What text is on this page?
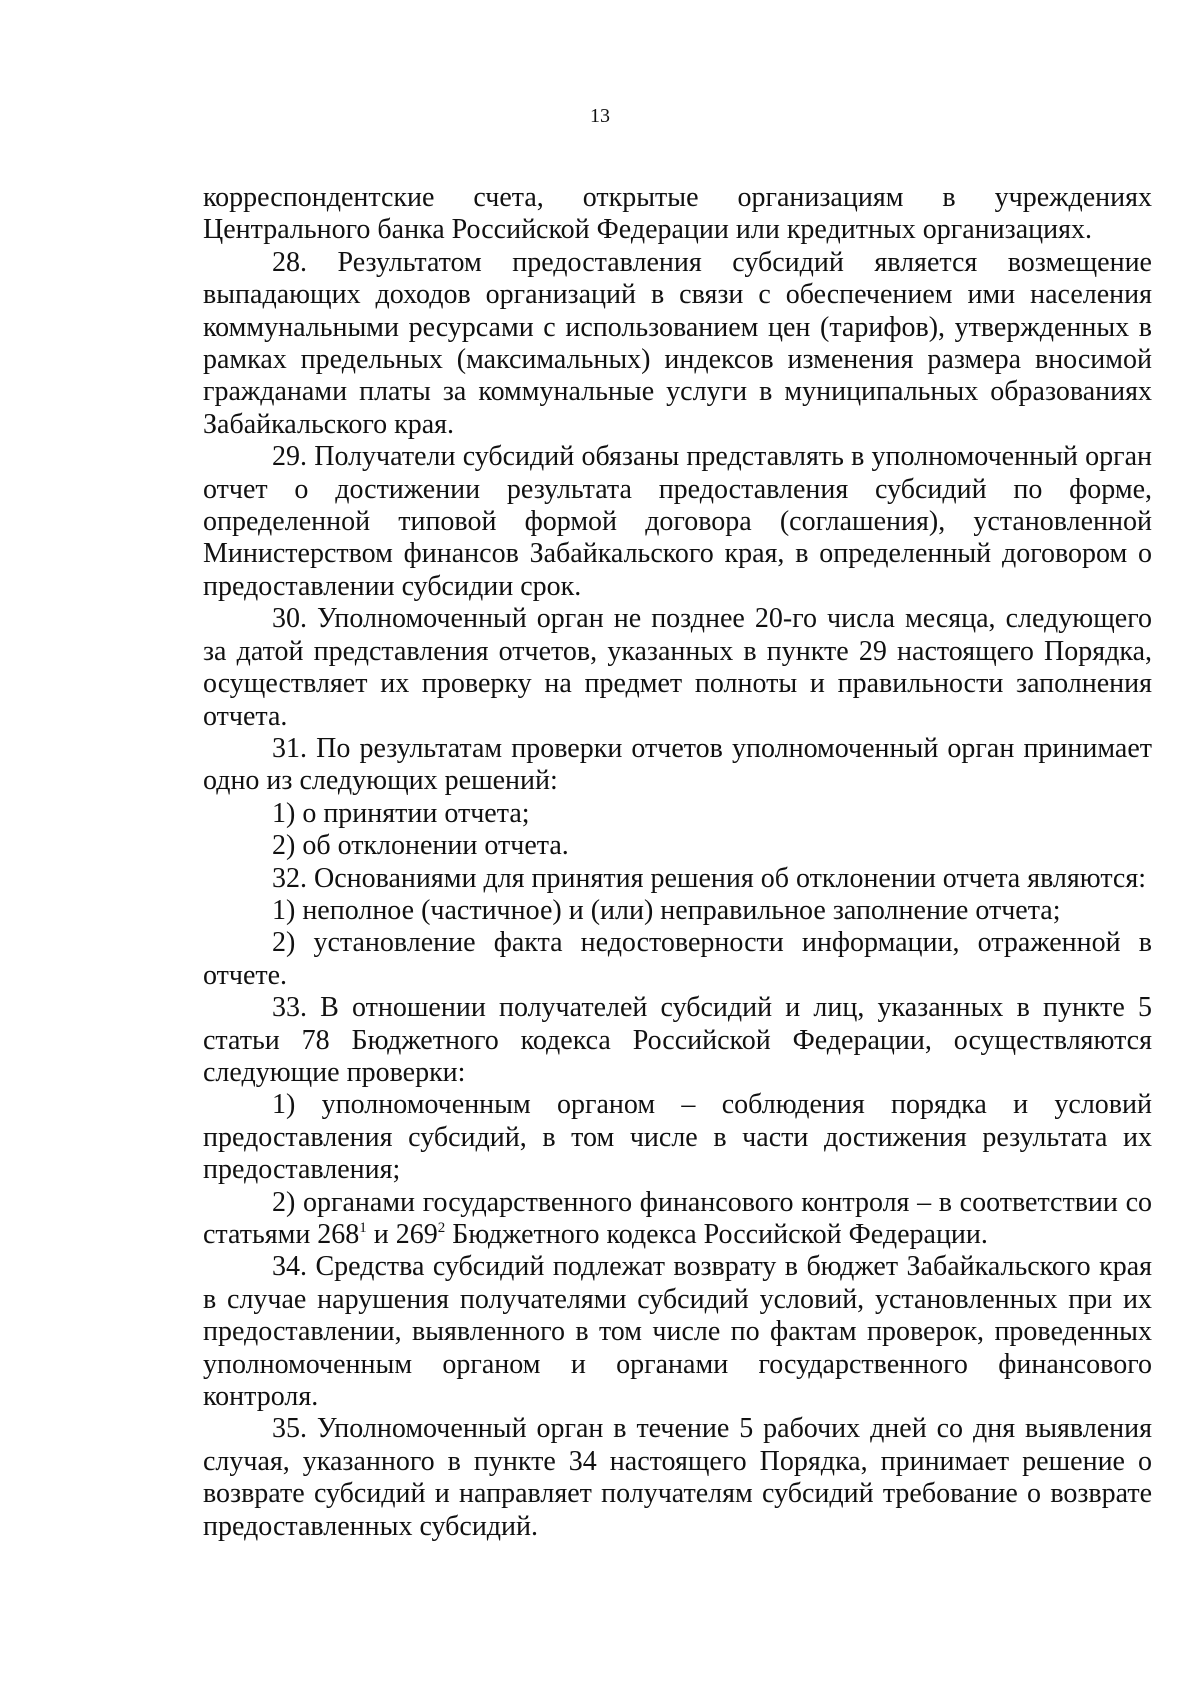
13

корреспондентские счета, открытые организациям в учреждениях Центрального банка Российской Федерации или кредитных организациях.

28. Результатом предоставления субсидий является возмещение выпадающих доходов организаций в связи с обеспечением ими населения коммунальными ресурсами с использованием цен (тарифов), утвержденных в рамках предельных (максимальных) индексов изменения размера вносимой гражданами платы за коммунальные услуги в муниципальных образованиях Забайкальского края.

29. Получатели субсидий обязаны представлять в уполномоченный орган отчет о достижении результата предоставления субсидий по форме, определенной типовой формой договора (соглашения), установленной Министерством финансов Забайкальского края, в определенный договором о предоставлении субсидии срок.

30. Уполномоченный орган не позднее 20-го числа месяца, следующего за датой представления отчетов, указанных в пункте 29 настоящего Порядка, осуществляет их проверку на предмет полноты и правильности заполнения отчета.

31. По результатам проверки отчетов уполномоченный орган принимает одно из следующих решений:

1) о принятии отчета;

2) об отклонении отчета.

32. Основаниями для принятия решения об отклонении отчета являются:

1) неполное (частичное) и (или) неправильное заполнение отчета;

2) установление факта недостоверности информации, отраженной в отчете.

33. В отношении получателей субсидий и лиц, указанных в пункте 5 статьи 78 Бюджетного кодекса Российской Федерации, осуществляются следующие проверки:

1) уполномоченным органом – соблюдения порядка и условий предоставления субсидий, в том числе в части достижения результата их предоставления;

2) органами государственного финансового контроля – в соответствии со статьями $268^1$ и $269^2$ Бюджетного кодекса Российской Федерации.

34. Средства субсидий подлежат возврату в бюджет Забайкальского края в случае нарушения получателями субсидий условий, установленных при их предоставлении, выявленного в том числе по фактам проверок, проведенных уполномоченным органом и органами государственного финансового контроля.

35. Уполномоченный орган в течение 5 рабочих дней со дня выявления случая, указанного в пункте 34 настоящего Порядка, принимает решение о возврате субсидий и направляет получателям субсидий требование о возврате предоставленных субсидий.
